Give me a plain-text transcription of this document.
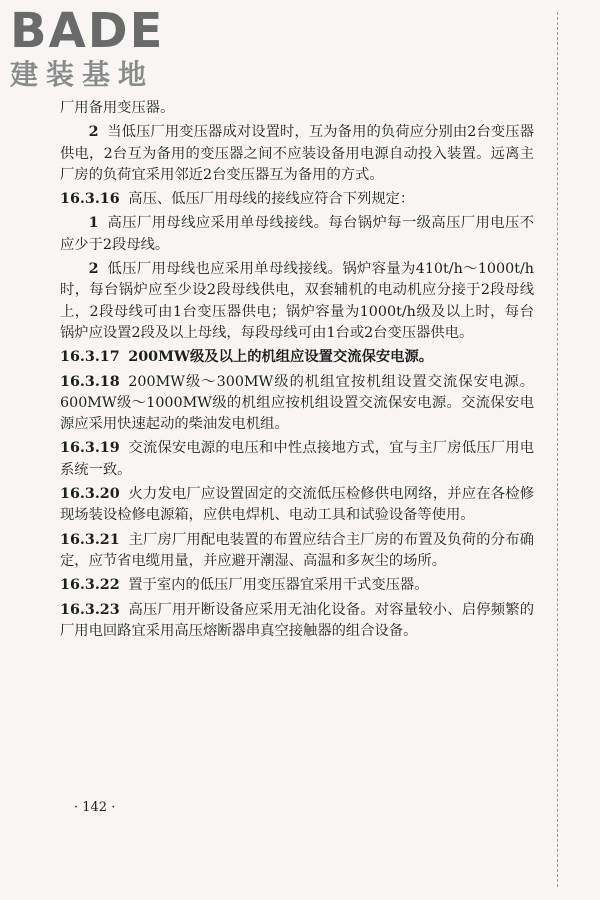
BADE
建装基地

厂用备用变压器。

2 当低压厂用变压器成对设置时，互为备用的负荷应分别由2台变压器供电，2台互为备用的变压器之间不应装设备用电源自动投入装置。远离主厂房的负荷宜采用邻近2台变压器互为备用的方式。

16.3.16 高压、低压厂用母线的接线应符合下列规定：

1 高压厂用母线应采用单母线接线。每台锅炉每一级高压厂用电压不应少于2段母线。

2 低压厂用母线也应采用单母线接线。锅炉容量为410t/h～1000t/h时，每台锅炉应至少设2段母线供电，双套辅机的电动机应分接于2段母线上，2段母线可由1台变压器供电；锅炉容量为1000t/h级及以上时，每台锅炉应设置2段及以上母线，每段母线可由1台或2台变压器供电。

16.3.17 200MW级及以上的机组应设置交流保安电源。

16.3.18 200MW级～300MW级的机组宜按机组设置交流保安电源。600MW级～1000MW级的机组应按机组设置交流保安电源。交流保安电源应采用快速起动的柴油发电机组。

16.3.19 交流保安电源的电压和中性点接地方式，宜与主厂房低压厂用电系统一致。

16.3.20 火力发电厂应设置固定的交流低压检修供电网络，并应在各检修现场装设检修电源箱，应供电焊机、电动工具和试验设备等使用。

16.3.21 主厂房厂用配电装置的布置应结合主厂房的布置及负荷的分布确定，应节省电缆用量，并应避开潮湿、高温和多灰尘的场所。

16.3.22 置于室内的低压厂用变压器宜采用干式变压器。

16.3.23 高压厂用开断设备应采用无油化设备。对容量较小、启停频繁的厂用电回路宜采用高压熔断器串真空接触器的组合设备。

· 142 ·
